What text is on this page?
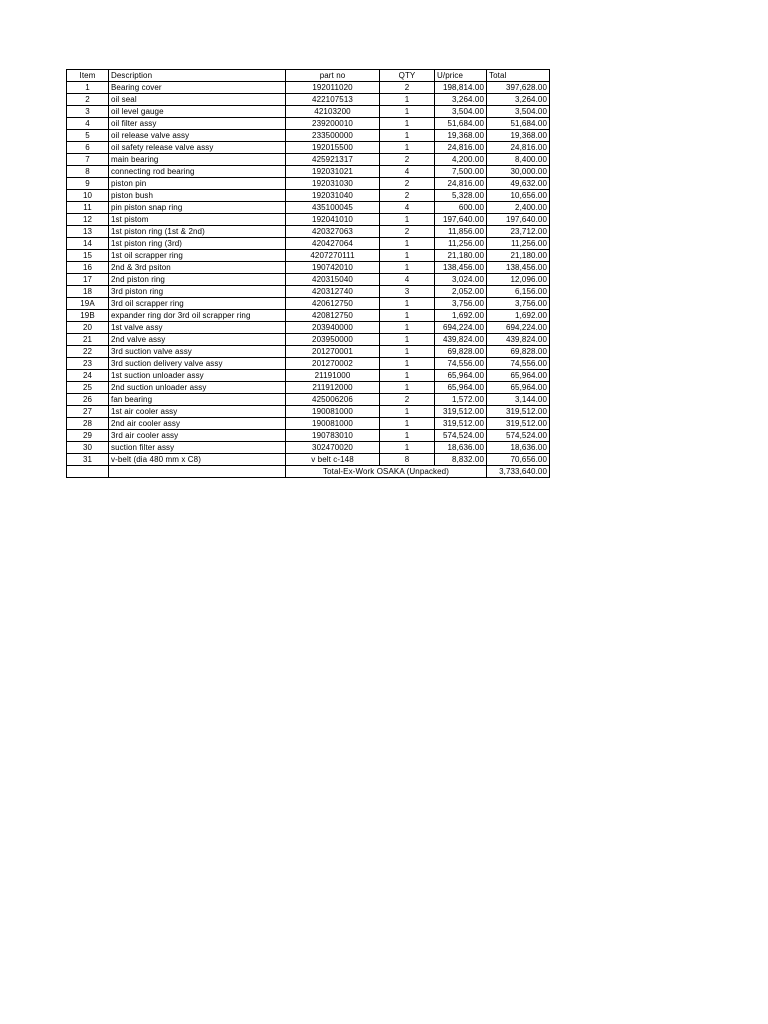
Item	Description	part no	QTY	U/price	Total
1	Bearing cover	192011020	2	198,814.00	397,628.00
2	oil seal	422107513	1	3,264.00	3,264.00
3	oil level gauge	42103200	1	3,504.00	3,504.00
4	oil filter assy	239200010	1	51,684.00	51,684.00
5	oil release valve assy	233500000	1	19,368.00	19,368.00
6	oil safety release valve assy	192015500	1	24,816.00	24,816.00
7	main bearing	425921317	2	4,200.00	8,400.00
8	connecting rod bearing	192031021	4	7,500.00	30,000.00
9	piston pin	192031030	2	24,816.00	49,632.00
10	piston bush	192031040	2	5,328.00	10,656.00
11	pin piston snap ring	435100045	4	600.00	2,400.00
12	1st pistom	192041010	1	197,640.00	197,640.00
13	1st piston ring (1st & 2nd)	420327063	2	11,856.00	23,712.00
14	1st piston ring (3rd)	420427064	1	11,256.00	11,256.00
15	1st oil scrapper ring	4207270111	1	21,180.00	21,180.00
16	2nd & 3rd psiton	190742010	1	138,456.00	138,456.00
17	2nd piston ring	420315040	4	3,024.00	12,096.00
18	3rd piston ring	420312740	3	2,052.00	6,156.00
19A	3rd oil scrapper ring	420612750	1	3,756.00	3,756.00
19B	expander ring dor 3rd oil scrapper ring	420812750	1	1,692.00	1,692.00
20	1st valve assy	203940000	1	694,224.00	694,224.00
21	2nd valve assy	203950000	1	439,824.00	439,824.00
22	3rd suction valve assy	201270001	1	69,828.00	69,828.00
23	3rd suction delivery valve assy	201270002	1	74,556.00	74,556.00
24	1st suction unloader assy	21191000	1	65,964.00	65,964.00
25	2nd suction unloader assy	211912000	1	65,964.00	65,964.00
26	fan bearing	425006206	2	1,572.00	3,144.00
27	1st air cooler assy	190081000	1	319,512.00	319,512.00
28	2nd air cooler assy	190081000	1	319,512.00	319,512.00
29	3rd air cooler assy	190783010	1	574,524.00	574,524.00
30	suction filter assy	302470020	1	18,636.00	18,636.00
31	v-belt (dia 480 mm x C8)	v belt c-148	8	8,832.00	70,656.00
		Total-Ex-Work OSAKA (Unpacked)			3,733,640.00
